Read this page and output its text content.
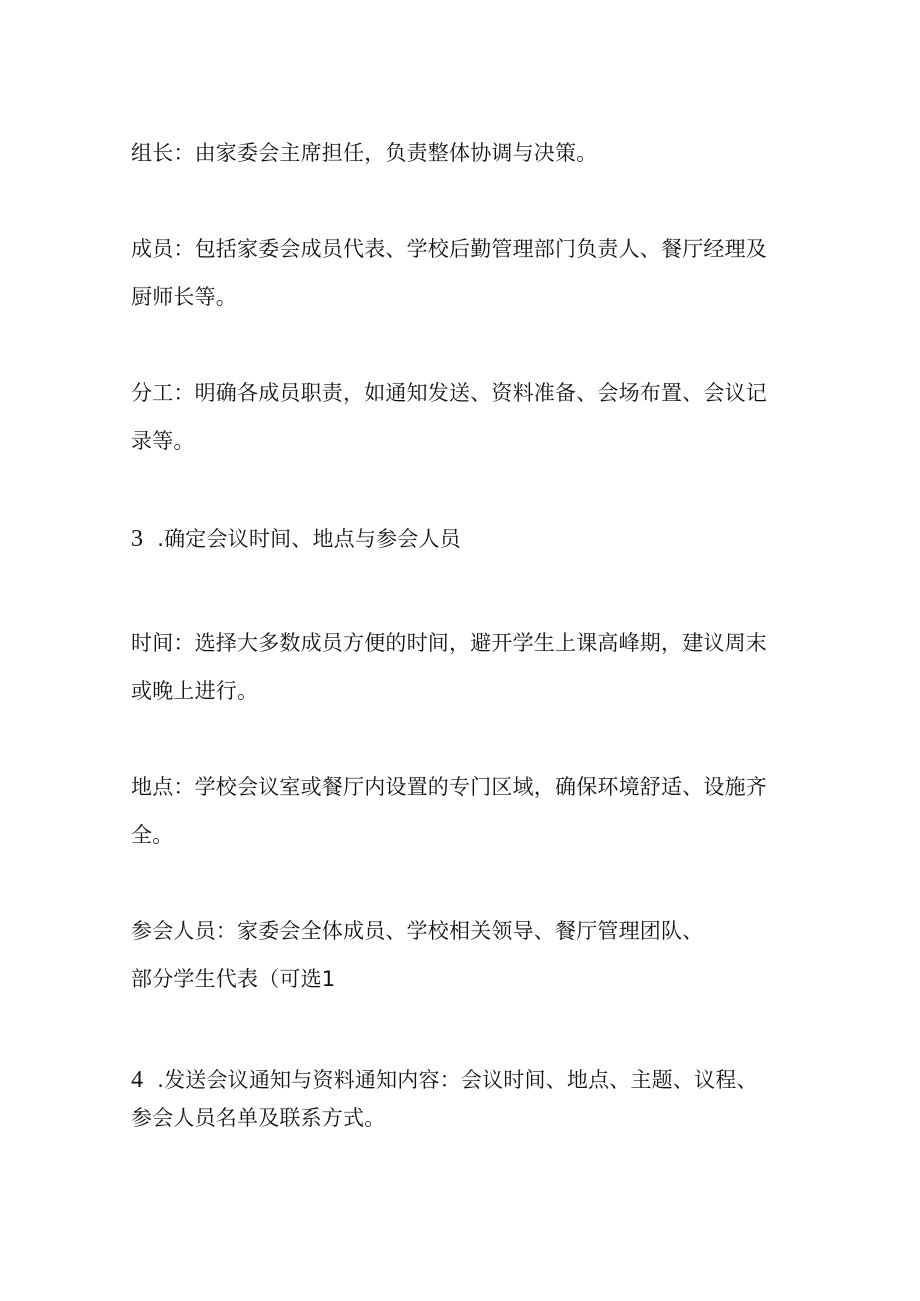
组长：由家委会主席担任，负责整体协调与决策。
成员：包括家委会成员代表、学校后勤管理部门负责人、餐厅经理及
厨师长等。
分工：明确各成员职责，如通知发送、资料准备、会场布置、会议记
录等。
3 .确定会议时间、地点与参会人员
时间：选择大多数成员方便的时间，避开学生上课高峰期，建议周末
或晚上进行。
地点：学校会议室或餐厅内设置的专门区域，确保环境舒适、设施齐
全。
参会人员：家委会全体成员、学校相关领导、餐厅管理团队、
部分学生代表（可选1
4 .发送会议通知与资料通知内容：会议时间、地点、主题、议程、
参会人员名单及联系方式。
